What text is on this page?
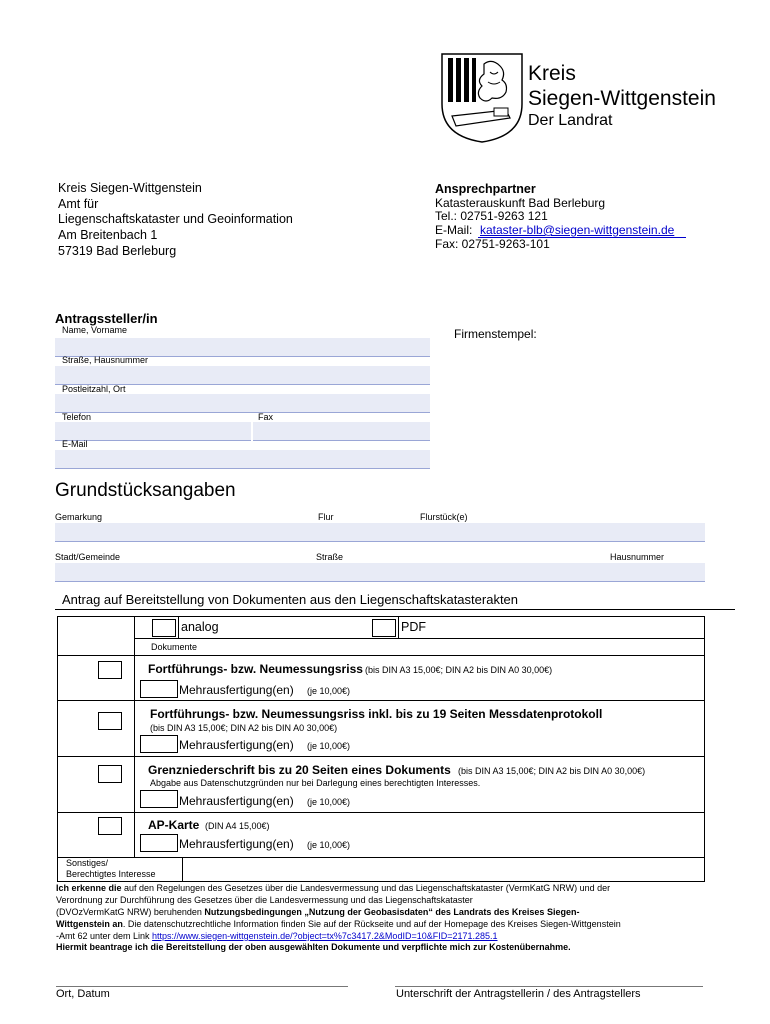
Kreis
Siegen-Wittgenstein
Der Landrat
Kreis Siegen-Wittgenstein
Amt für
Liegenschaftskataster und Geoinformation
Am Breitenbach 1
57319 Bad Berleburg
Ansprechpartner
Katasterauskunft Bad Berleburg
Tel.: 02751-9263 121
E-Mail: kataster-blb@siegen-wittgenstein.de
Fax: 02751-9263-101
Antragssteller/in
Name, Vorname
Straße, Hausnummer
Postleitzahl, Ort
Telefon	Fax
E-Mail
Firmenstempel:
Grundstücksangaben
Gemarkung	Flur	Flurstück(e)
Stadt/Gemeinde	Straße	Hausnummer
Antrag auf Bereitstellung von Dokumenten aus den Liegenschaftskatasterakten
analog	PDF
Dokumente
Fortführungs- bzw. Neumessungsriss (bis DIN A3 15,00€; DIN A2 bis DIN A0 30,00€)
Mehrausfertigung(en) (je 10,00€)
Fortführungs- bzw. Neumessungsriss inkl. bis zu 19 Seiten Messdatenprotokoll
(bis DIN A3 15,00€; DIN A2 bis DIN A0 30,00€)
Mehrausfertigung(en) (je 10,00€)
Grenzniederschrift bis zu 20 Seiten eines Dokuments (bis DIN A3 15,00€; DIN A2 bis DIN A0 30,00€)
Abgabe aus Datenschutzgründen nur bei Darlegung eines berechtigten Interesses.
Mehrausfertigung(en) (je 10,00€)
AP-Karte (DIN A4 15,00€)
Mehrausfertigung(en) (je 10,00€)
Sonstiges/
Berechtigtes Interesse
Ich erkenne die auf den Regelungen des Gesetzes über die Landesvermessung und das Liegenschaftskataster (VermKatG NRW) und der
Verordnung zur Durchführung des Gesetzes über die Landesvermessung und das Liegenschaftskataster
(DVOzVermKatG NRW) beruhenden Nutzungsbedingungen „Nutzung der Geobasisdaten“ des Landrats des Kreises Siegen-
Wittgenstein an. Die datenschutzrechtliche Information finden Sie auf der Rückseite und auf der Homepage des Kreises Siegen-Wittgenstein
-Amt 62 unter dem Link https://www.siegen-wittgenstein.de/?object=tx%7c3417.2&ModID=10&FID=2171.285.1
Hiermit beantrage ich die Bereitstellung der oben ausgewählten Dokumente und verpflichte mich zur Kostenübernahme.
Ort, Datum	Unterschrift der Antragstellerin / des Antragstellers
